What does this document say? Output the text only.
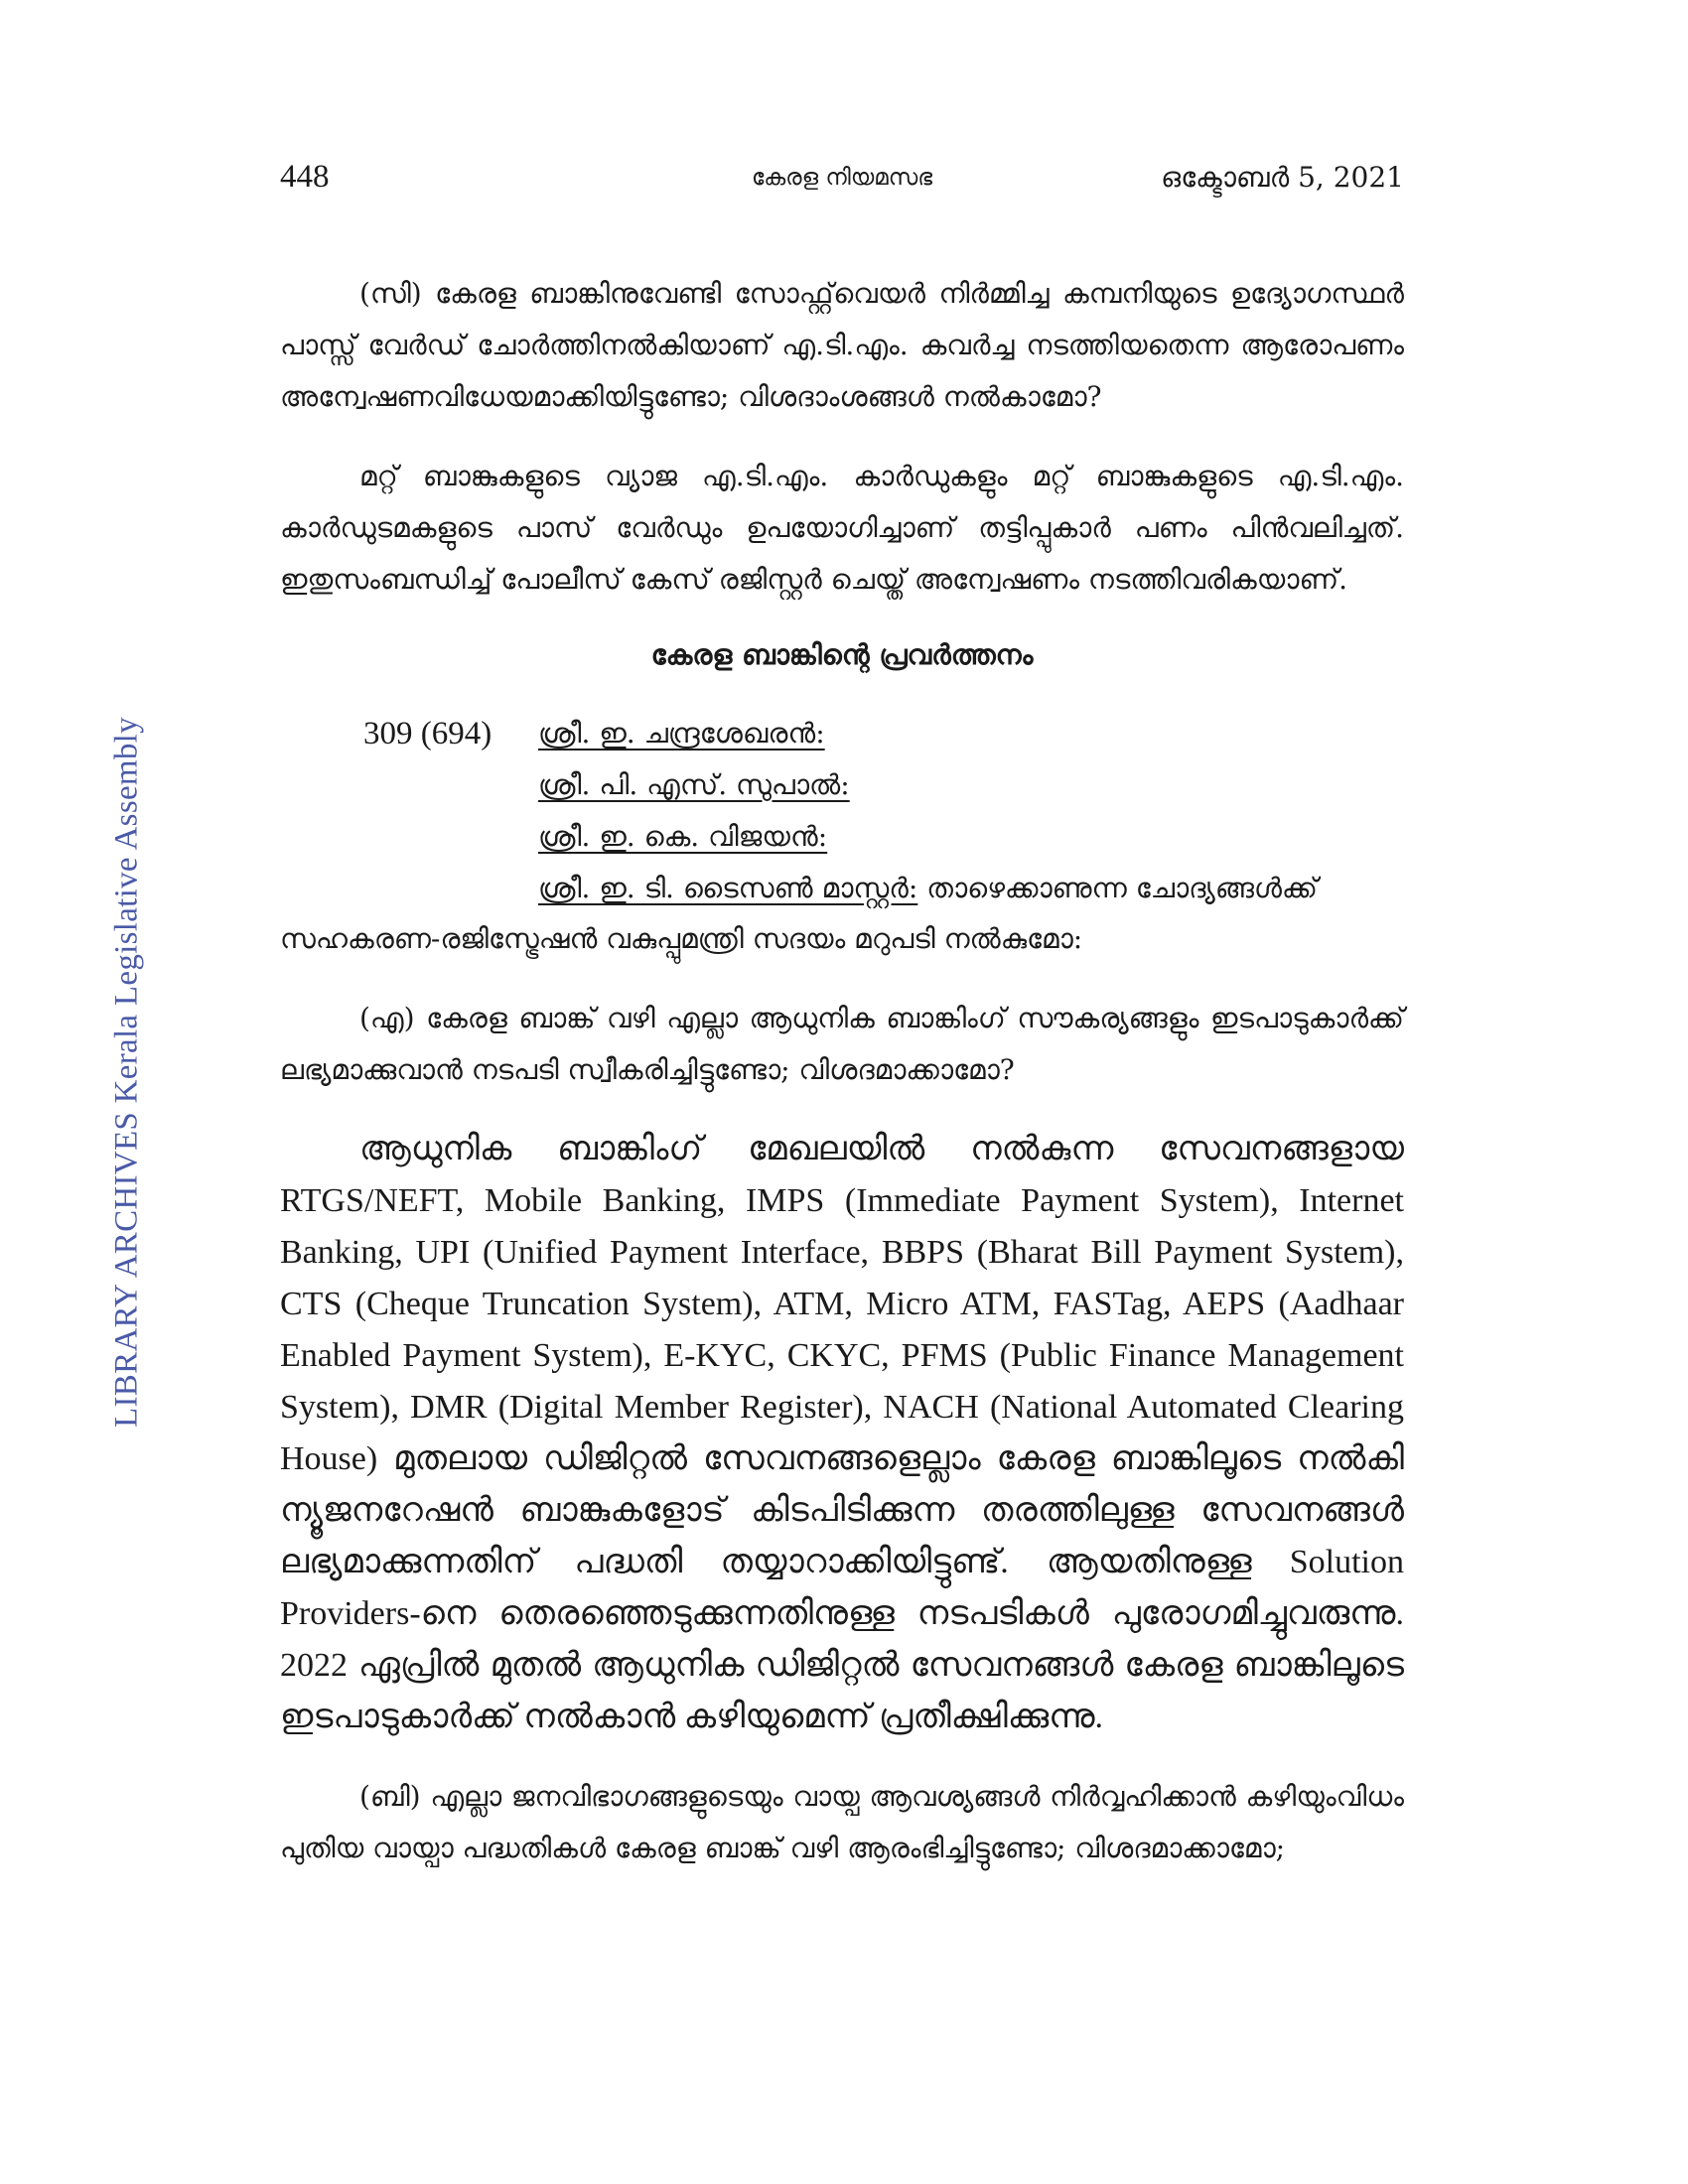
LIBRARY ARCHIVES Kerala Legislative Assembly
448	കേരള നിയമസഭ	ഒക്ടോബർ 5, 2021

(സി) കേരള ബാങ്കിനുവേണ്ടി സോഫ്റ്റ്‌വെയർ നിർമ്മിച്ച കമ്പനിയുടെ ഉദ്യോഗസ്ഥർ പാസ്സ് വേർഡ് ചോർത്തിനൽകിയാണ് എ.ടി.എം. കവർച്ച നടത്തിയതെന്ന ആരോപണം അന്വേഷണവിധേയമാക്കിയിട്ടുണ്ടോ; വിശദാംശങ്ങൾ നൽകാമോ?

മറ്റ് ബാങ്കുകളുടെ വ്യാജ എ.ടി.എം. കാർഡുകളും മറ്റ് ബാങ്കുകളുടെ എ.ടി.എം. കാർഡുടമകളുടെ പാസ് വേർഡും ഉപയോഗിച്ചാണ് തട്ടിപ്പുകാർ പണം പിൻവലിച്ചത്. ഇതുസംബന്ധിച്ച് പോലീസ് കേസ് രജിസ്റ്റർ ചെയ്ത് അന്വേഷണം നടത്തിവരികയാണ്.

കേരള ബാങ്കിന്റെ പ്രവർത്തനം
309 (694) ശ്രീ. ഇ. ചന്ദ്രശേഖരൻ:
ശ്രീ. പി. എസ്. സുപാൽ:
ശ്രീ. ഇ. കെ. വിജയൻ:
ശ്രീ. ഇ. ടി. ടൈസൺ മാസ്റ്റർ: താഴെക്കാണുന്ന ചോദ്യങ്ങൾക്ക്

സഹകരണ-രജിസ്ട്രേഷൻ വകുപ്പുമന്ത്രി സദയം മറുപടി നൽകുമോ:

(എ) കേരള ബാങ്ക് വഴി എല്ലാ ആധുനിക ബാങ്കിംഗ് സൗകര്യങ്ങളും ഇടപാടുകാർക്ക് ലഭ്യമാക്കുവാൻ നടപടി സ്വീകരിച്ചിട്ടുണ്ടോ; വിശദമാക്കാമോ?

ആധുനിക ബാങ്കിംഗ് മേഖലയിൽ നൽകുന്ന സേവനങ്ങളായ RTGS/NEFT, Mobile Banking, IMPS (Immediate Payment System), Internet Banking, UPI (Unified Payment Interface, BBPS (Bharat Bill Payment System), CTS (Cheque Truncation System), ATM, Micro ATM, FASTag, AEPS (Aadhaar Enabled Payment System), E-KYC, CKYC, PFMS (Public Finance Management System), DMR (Digital Member Register), NACH (National Automated Clearing House) മുതലായ ഡിജിറ്റൽ സേവനങ്ങളെല്ലാം കേരള ബാങ്കിലൂടെ നൽകി ന്യൂജനറേഷൻ ബാങ്കുകളോട് കിടപിടിക്കുന്ന തരത്തിലുള്ള സേവനങ്ങൾ ലഭ്യമാക്കുന്നതിന് പദ്ധതി തയ്യാറാക്കിയിട്ടുണ്ട്. ആയതിനുള്ള Solution Providers-നെ തെരഞ്ഞെടുക്കുന്നതിനുള്ള നടപടികൾ പുരോഗമിച്ചുവരുന്നു. 2022 ഏപ്രിൽ മുതൽ ആധുനിക ഡിജിറ്റൽ സേവനങ്ങൾ കേരള ബാങ്കിലൂടെ ഇടപാടുകാർക്ക് നൽകാൻ കഴിയുമെന്ന് പ്രതീക്ഷിക്കുന്നു.

(ബി) എല്ലാ ജനവിഭാഗങ്ങളുടെയും വായ്പ ആവശ്യങ്ങൾ നിർവ്വഹിക്കാൻ കഴിയുംവിധം പുതിയ വായ്പാ പദ്ധതികൾ കേരള ബാങ്ക് വഴി ആരംഭിച്ചിട്ടുണ്ടോ; വിശദമാക്കാമോ;
